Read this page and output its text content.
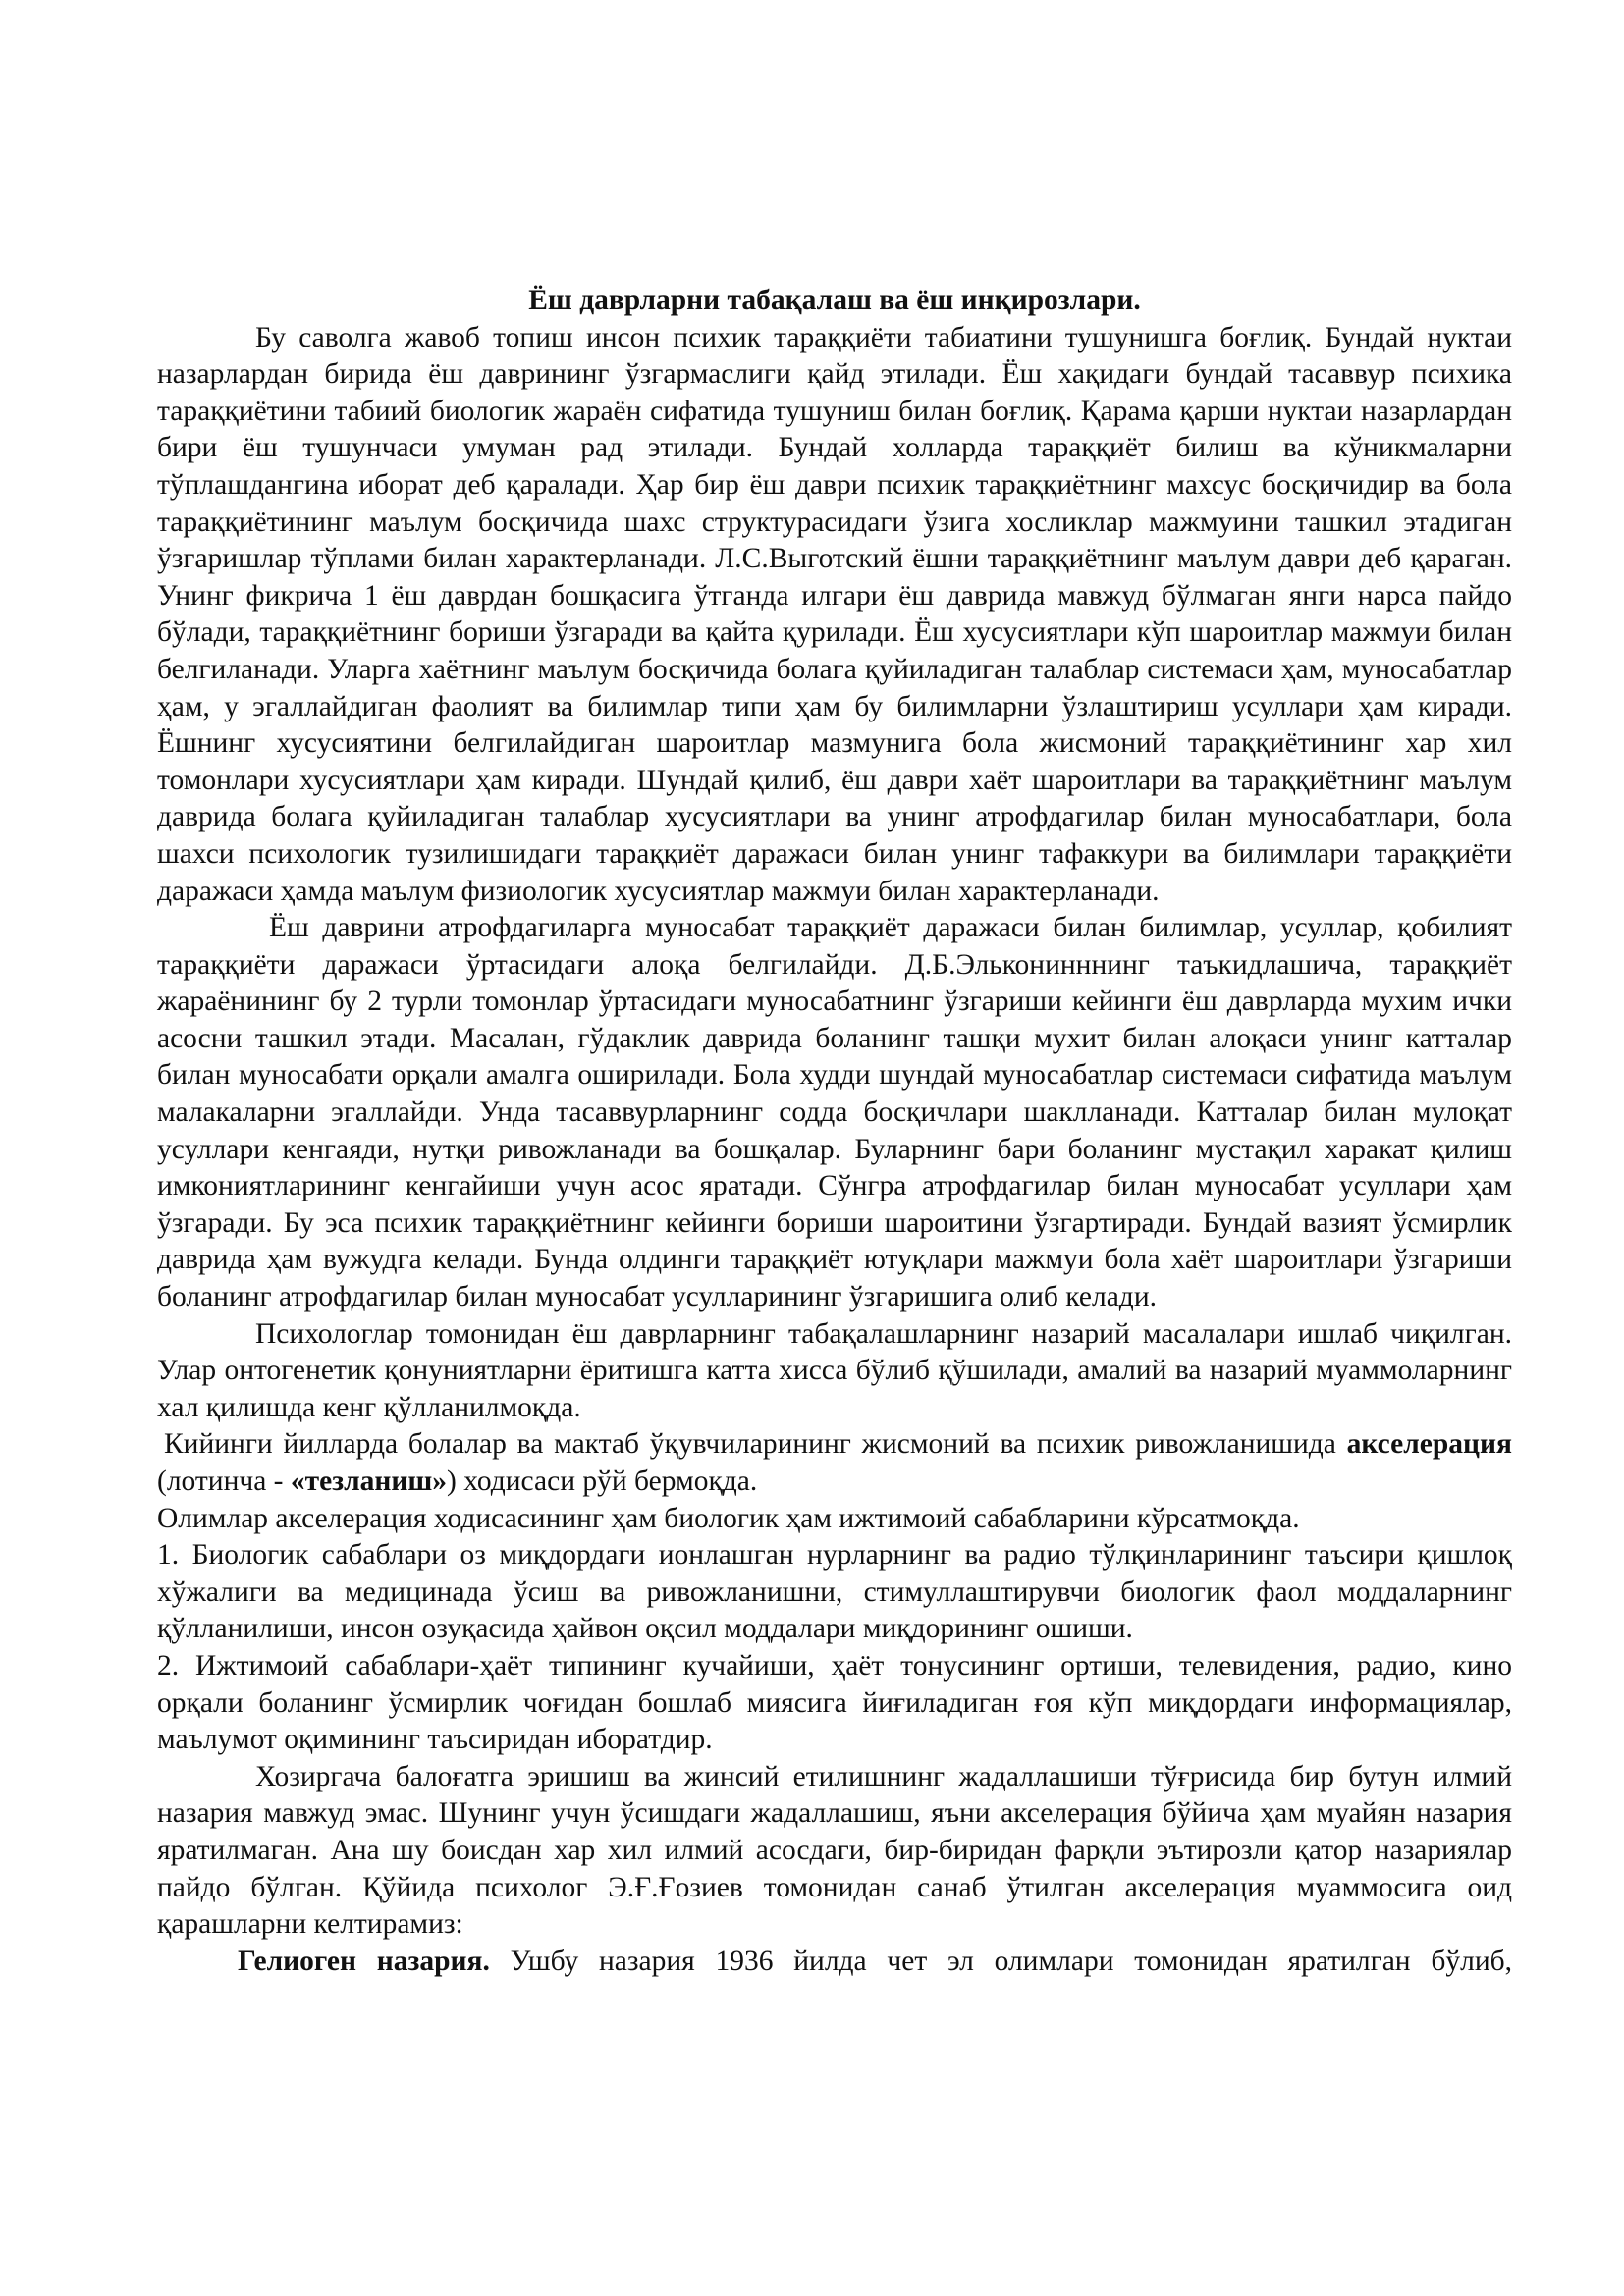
Ёш даврларни табақалаш ва ёш инқирозлари.

Бу саволга жавоб топиш инсон психик тараққиёти табиатини тушунишга боғлиқ. Бундай нуктаи назарлардан бирида ёш даврининг ўзгармаслиги қайд этилади. Ёш хақидаги бундай тасаввур психика тараққиётини табиий биологик жараён сифатида тушуниш билан боғлиқ. Қарама қарши нуктаи назарлардан бири ёш тушунчаси умуман рад этилади. Бундай холларда тараққиёт билиш ва кўникмаларни тўплашдангина иборат деб қаралади. Ҳар бир ёш даври психик тараққиётнинг махсус босқичидир ва бола тараққиётининг маълум босқичида шахс структурасидаги ўзига хосликлар мажмуини ташкил этадиган ўзгаришлар тўплами билан характерланади. Л.С.Выготский ёшни тараққиётнинг маълум даври деб қараган. Унинг фикрича 1 ёш даврдан бошқасига ўтганда илгари ёш даврида мавжуд бўлмаган янги нарса пайдо бўлади, тараққиётнинг бориши ўзгаради ва қайта қурилади. Ёш хусусиятлари кўп шароитлар мажмуи билан белгиланади. Уларга хаётнинг маълум босқичида болага қуйиладиган талаблар системаси ҳам, муносабатлар ҳам, у эгаллайдиган фаолият ва билимлар типи ҳам бу билимларни ўзлаштириш усуллари ҳам киради. Ёшнинг хусусиятини белгилайдиган шароитлар мазмунига бола жисмоний тараққиётининг хар хил томонлари хусусиятлари ҳам киради. Шундай қилиб, ёш даври хаёт шароитлари ва тараққиётнинг маълум даврида болага қуйиладиган талаблар хусусиятлари ва унинг атрофдагилар билан муносабатлари, бола шахси психологик тузилишидаги тараққиёт даражаси билан унинг тафаккури ва билимлари тараққиёти даражаси ҳамда маълум физиологик хусусиятлар мажмуи билан характерланади.

Ёш даврини атрофдагиларга муносабат тараққиёт даражаси билан билимлар, усуллар, қобилият тараққиёти даражаси ўртасидаги алоқа белгилайди. Д.Б.Эльконинннинг таъкидлашича, тараққиёт жараёнининг бу 2 турли томонлар ўртасидаги муносабатнинг ўзгариши кейинги ёш даврларда мухим ички асосни ташкил этади. Масалан, гўдаклик даврида боланинг ташқи мухит билан алоқаси унинг катталар билан муносабати орқали амалга оширилади. Бола худди шундай муносабатлар системаси сифатида маълум малакаларни эгаллайди. Унда тасаввурларнинг содда босқичлари шаклланади. Катталар билан мулоқат усуллари кенгаяди, нутқи ривожланади ва бошқалар. Буларнинг бари боланинг мустақил харакат қилиш имкониятларининг кенгайиши учун асос яратади. Сўнгра атрофдагилар билан муносабат усуллари ҳам ўзгаради. Бу эса психик тараққиётнинг кейинги бориши шароитини ўзгартиради. Бундай вазият ўсмирлик даврида ҳам вужудга келади. Бунда олдинги тараққиёт ютуқлари мажмуи бола хаёт шароитлари ўзгариши боланинг атрофдагилар билан муносабат усулларининг ўзгаришига олиб келади.

Психологлар томонидан ёш даврларнинг табақалашларнинг назарий масалалари ишлаб чиқилган. Улар онтогенетик қонуниятларни ёритишга катта хисса бўлиб қўшилади, амалий ва назарий муаммоларнинг хал қилишда кенг қўлланилмоқда.

Кийинги йилларда болалар ва мактаб ўқувчиларининг жисмоний ва психик ривожланишида акселерация (лотинча - «тезланиш») ходисаси рўй бермоқда.

Олимлар акселерация ходисасининг ҳам биологик ҳам ижтимоий сабабларини кўрсатмоқда.

1. Биологик сабаблари оз миқдордаги ионлашган нурларнинг ва радио тўлқинларининг таъсири қишлоқ хўжалиги ва медицинада ўсиш ва ривожланишни, стимуллаштирувчи биологик фаол моддаларнинг қўлланилиши, инсон озуқасида ҳайвон оқсил моддалари миқдорининг ошиши.

2. Ижтимоий сабаблари-ҳаёт типининг кучайиши, ҳаёт тонусининг ортиши, телевидения, радио, кино орқали боланинг ўсмирлик чоғидан бошлаб миясига йиғиладиган ғоя кўп миқдордаги информациялар, маълумот оқимининг таъсиридан иборатдир.

Хозиргача балоғатга эришиш ва жинсий етилишнинг жадаллашиши тўғрисида бир бутун илмий назария мавжуд эмас. Шунинг учун ўсишдаги жадаллашиш, яъни акселерация бўйича ҳам муайян назария яратилмаган. Ана шу боисдан хар хил илмий асосдаги, бир-биридан фарқли эътирозли қатор назариялар пайдо бўлган. Қўйида психолог Э.Ғ.Ғозиев томонидан санаб ўтилган акселерация муаммосига оид қарашларни келтирамиз:

Гелиоген назария. Ушбу назария 1936 йилда чет эл олимлари томонидан яратилган бўлиб,
